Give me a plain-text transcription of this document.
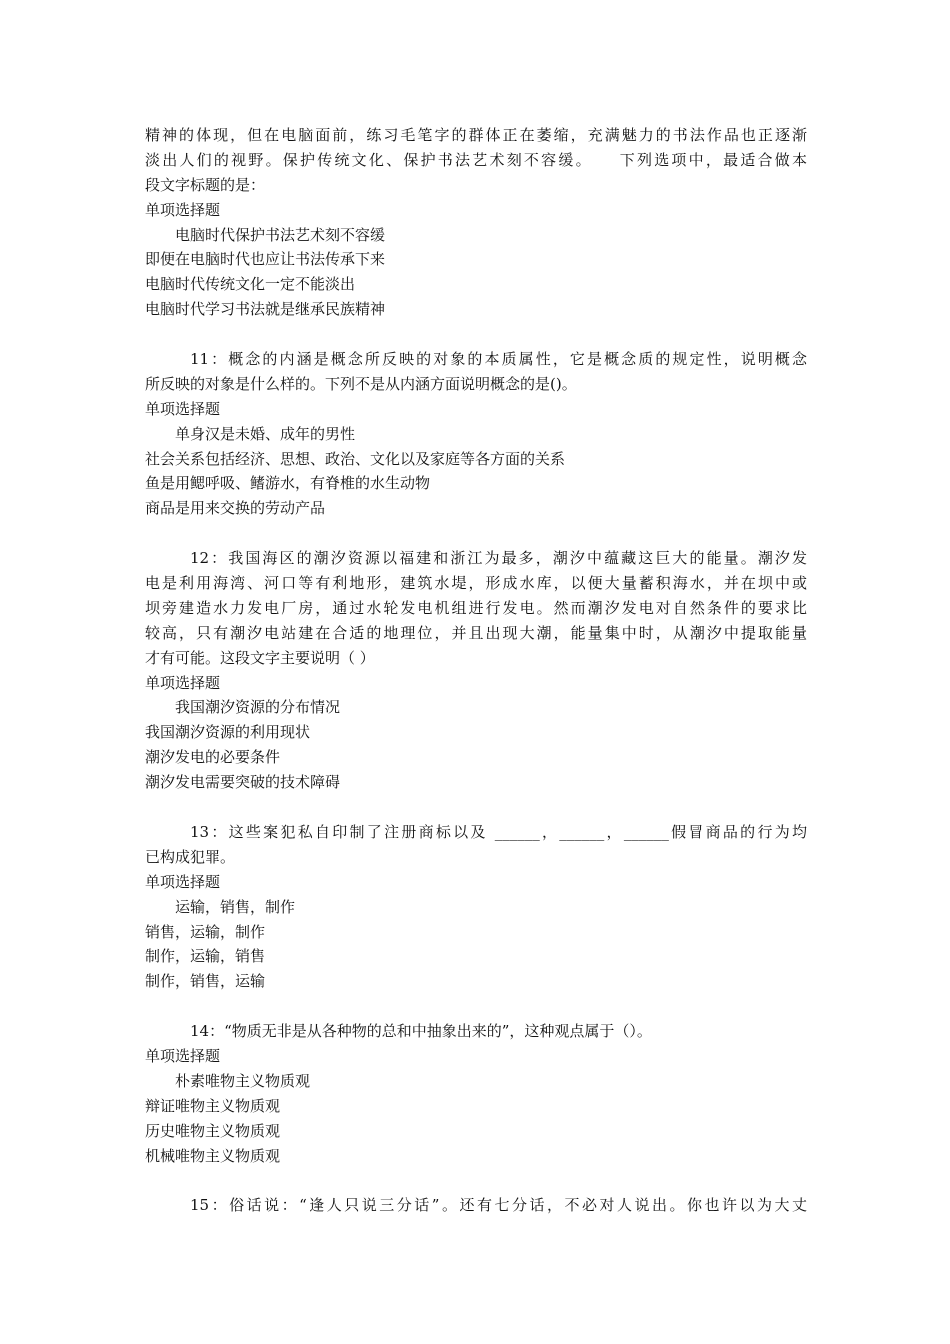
精神的体现，但在电脑面前，练习毛笔字的群体正在萎缩，充满魅力的书法作品也正逐渐
淡出人们的视野。保护传统文化、保护书法艺术刻不容缓。　　下列选项中，最适合做本
段文字标题的是：
单项选择题
电脑时代保护书法艺术刻不容缓
即便在电脑时代也应让书法传承下来
电脑时代传统文化一定不能淡出
电脑时代学习书法就是继承民族精神
11：概念的内涵是概念所反映的对象的本质属性，它是概念质的规定性，说明概念
所反映的对象是什么样的。下列不是从内涵方面说明概念的是()。
单项选择题
单身汉是未婚、成年的男性
社会关系包括经济、思想、政治、文化以及家庭等各方面的关系
鱼是用鳃呼吸、鳍游水，有脊椎的水生动物
商品是用来交换的劳动产品
12：我国海区的潮汐资源以福建和浙江为最多，潮汐中蕴藏这巨大的能量。潮汐发
电是利用海湾、河口等有利地形，建筑水堤，形成水库，以便大量蓄积海水，并在坝中或
坝旁建造水力发电厂房，通过水轮发电机组进行发电。然而潮汐发电对自然条件的要求比
较高，只有潮汐电站建在合适的地理位，并且出现大潮，能量集中时，从潮汐中提取能量
才有可能。这段文字主要说明（ ）
单项选择题
我国潮汐资源的分布情况
我国潮汐资源的利用现状
潮汐发电的必要条件
潮汐发电需要突破的技术障碍
13：这些案犯私自印制了注册商标以及 ______，______，______假冒商品的行为均
已构成犯罪。
单项选择题
运输，销售，制作
销售，运输，制作
制作，运输，销售
制作，销售，运输
14：“物质无非是从各种物的总和中抽象出来的”，这种观点属于（）。
单项选择题
朴素唯物主义物质观
辩证唯物主义物质观
历史唯物主义物质观
机械唯物主义物质观
15：俗话说：“逢人只说三分话”。还有七分话，不必对人说出。你也许以为大丈
